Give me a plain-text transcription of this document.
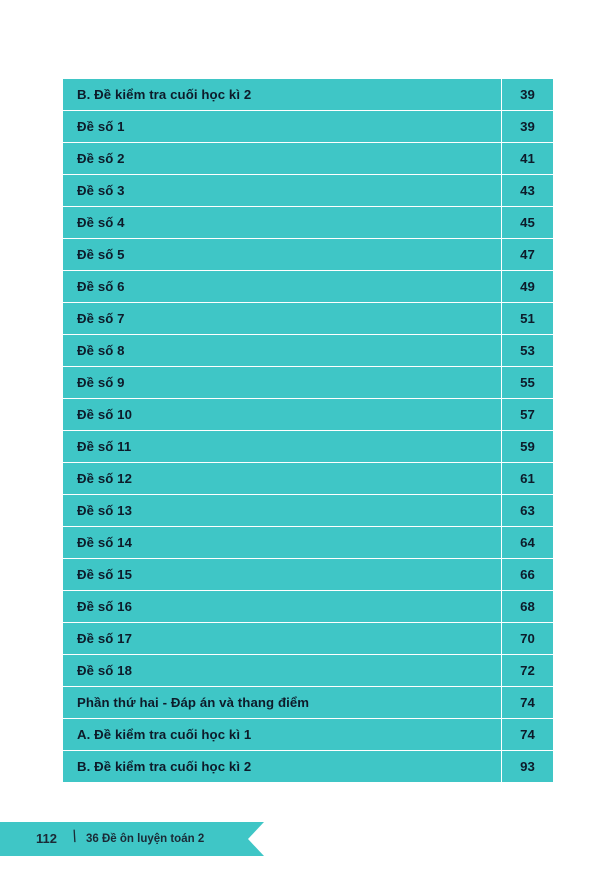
B. Đề kiểm tra cuối học kì 2	39
Đề số 1	39
Đề số 2	41
Đề số 3	43
Đề số 4	45
Đề số 5	47
Đề số 6	49
Đề số 7	51
Đề số 8	53
Đề số 9	55
Đề số 10	57
Đề số 11	59
Đề số 12	61
Đề số 13	63
Đề số 14	64
Đề số 15	66
Đề số 16	68
Đề số 17	70
Đề số 18	72
Phần thứ hai - Đáp án và thang điểm	74
A. Đề kiểm tra cuối học kì 1	74
B. Đề kiểm tra cuối học kì 2	93
112 \ 36 Đề ôn luyện toán 2
